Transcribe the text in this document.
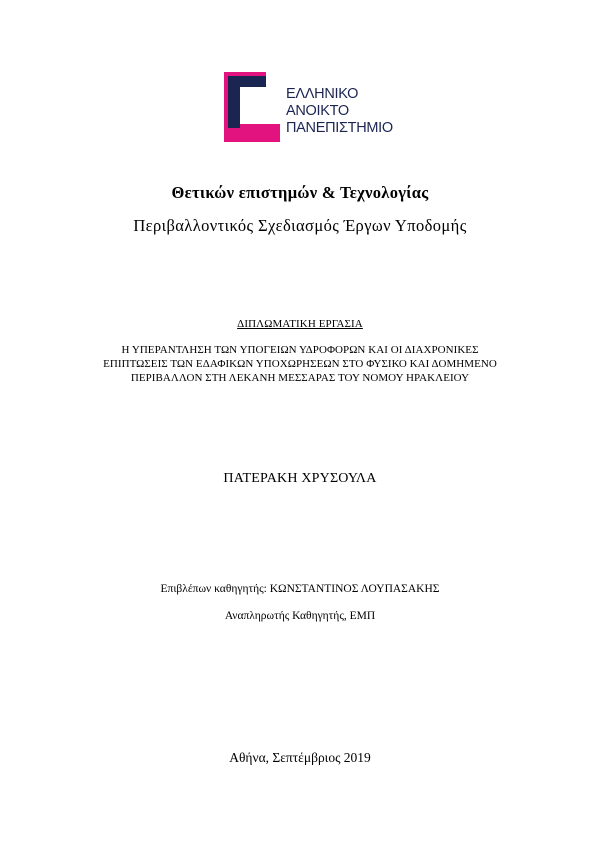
ΕΛΛΗΝΙΚΟ
ΑΝΟΙΚΤΟ
ΠΑΝΕΠΙΣΤΗΜΙΟ
Θετικών επιστημών & Τεχνολογίας
Περιβαλλοντικός Σχεδιασμός Έργων Υποδομής
ΔΙΠΛΩΜΑΤΙΚΗ ΕΡΓΑΣΙΑ
Η ΥΠΕΡΑΝΤΛΗΣΗ ΤΩΝ ΥΠΟΓΕΙΩΝ ΥΔΡΟΦΟΡΩΝ ΚΑΙ ΟΙ ΔΙΑΧΡΟΝΙΚΕΣ
ΕΠΙΠΤΩΣΕΙΣ ΤΩΝ ΕΔΑΦΙΚΩΝ ΥΠΟΧΩΡΗΣΕΩΝ ΣΤΟ ΦΥΣΙΚΟ ΚΑΙ ΔΟΜΗΜΕΝΟ
ΠΕΡΙΒΑΛΛΟΝ ΣΤΗ ΛΕΚΑΝΗ ΜΕΣΣΑΡΑΣ ΤΟΥ ΝΟΜΟΥ ΗΡΑΚΛΕΙΟΥ
ΠΑΤΕΡΑΚΗ ΧΡΥΣΟΥΛΑ
Επιβλέπων καθηγητής: ΚΩΝΣΤΑΝΤΙΝΟΣ ΛΟΥΠΑΣΑΚΗΣ
Αναπληρωτής Καθηγητής, ΕΜΠ
Αθήνα, Σεπτέμβριος 2019
